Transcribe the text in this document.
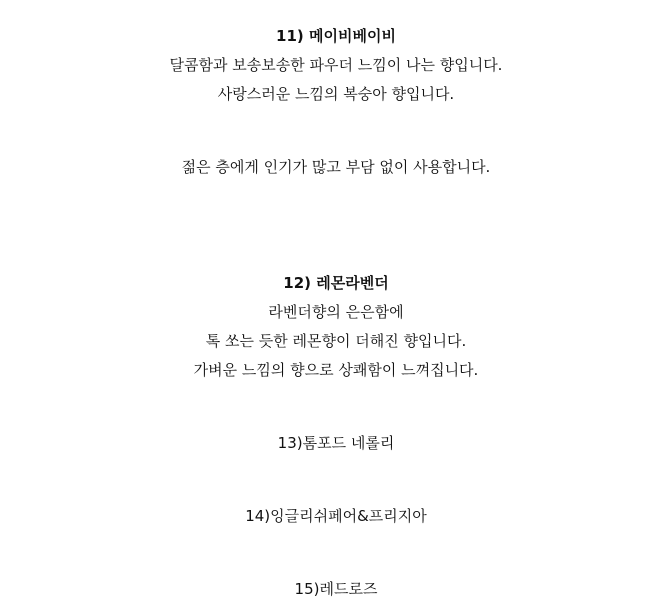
11) 메이비베이비
달콤함과 보송보송한 파우더 느낌이 나는 향입니다.
사랑스러운 느낌의 복숭아 향입니다.
젊은 층에게 인기가 많고 부담 없이 사용합니다.
12) 레몬라벤더
라벤더향의 은은함에
톡 쏘는 듯한 레몬향이 더해진 향입니다.
가벼운 느낌의 향으로 상쾌함이 느껴집니다.
13)톰포드 네롤리
14)잉글리쉬페어&프리지아
15)레드로즈
